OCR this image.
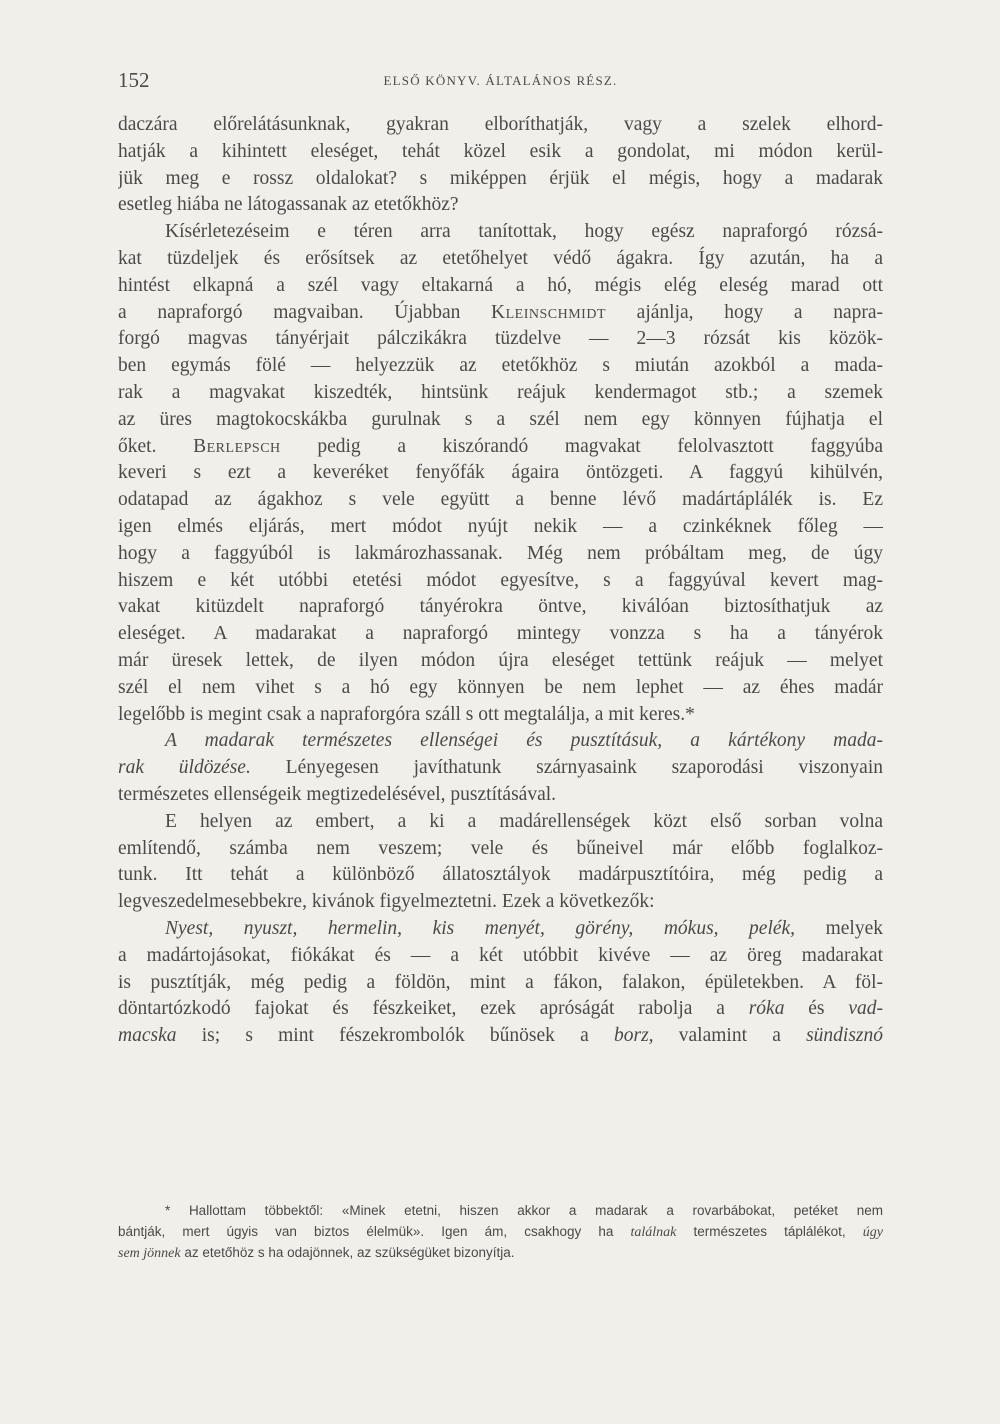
152	ELSŐ KÖNYV. ÁLTALÁNOS RÉSZ.
daczára előrelátásunknak, gyakran elboríthatják, vagy a szelek elhord-
hatják a kihintett eleséget, tehát közel esik a gondolat, mi módon kerül-
jük meg e rossz oldalokat? s miképpen érjük el mégis, hogy a madarak
esetleg hiába ne látogassanak az etetőkhöz?
Kísérletezéseim e téren arra tanítottak, hogy egész napraforgó rózsá-
kat tüzdeljek és erősítsek az etetőhelyet védő ágakra. Így azután, ha a
hintést elkapná a szél vagy eltakarná a hó, mégis elég eleség marad ott
a napraforgó magvaiban. Újabban Kleinschmidt ajánlja, hogy a napra-
forgó magvas tányérjait pálczikákra tüzdelve — 2—3 rózsát kis közök-
ben egymás fölé — helyezzük az etetőkhöz s miután azokból a mada-
rak a magvakat kiszedték, hintsünk reájuk kendermagot stb.; a szemek
az üres magtokocskákba gurulnak s a szél nem egy könnyen fújhatja el
őket. Berlepsch pedig a kiszórandó magvakat felolvasztott faggyúba
keveri s ezt a keveréket fenyőfák ágaira öntözgeti. A faggyú kihülvén,
odatapad az ágakhoz s vele együtt a benne lévő madártáplálék is. Ez
igen elmés eljárás, mert módot nyújt nekik — a czinkéknek főleg —
hogy a faggyúból is lakmározhassanak. Még nem próbáltam meg, de úgy
hiszem e két utóbbi etetési módot egyesítve, s a faggyúval kevert mag-
vakat kitüzdelt napraforgó tányérokra öntve, kiválóan biztosíthatjuk az
eleséget. A madarakat a napraforgó mintegy vonzza s ha a tányérok
már üresek lettek, de ilyen módon újra eleséget tettünk reájuk — melyet
szél el nem vihet s a hó egy könnyen be nem lephet — az éhes madár
legelőbb is megint csak a napraforgóra száll s ott megtalálja, a mit keres.*
A madarak természetes ellenségei és pusztításuk, a kártékony mada-
rak üldözése. Lényegesen javíthatunk szárnyasaink szaporodási viszonyain
természetes ellenségeik megtizedelésével, pusztításával.
E helyen az embert, a ki a madárellenségek közt első sorban volna
említendő, számba nem veszem; vele és bűneivel már előbb foglalkoz-
tunk. Itt tehát a különböző állatosztályok madárpusztítóira, még pedig a
legveszedelmesebbekre, kivánok figyelmeztetni. Ezek a következők:
Nyest, nyuszt, hermelin, kis menyét, görény, mókus, pelék, melyek
a madártojásokat, fiókákat és — a két utóbbit kivéve — az öreg madarakat
is pusztítják, még pedig a földön, mint a fákon, falakon, épületekben. A föl-
döntartózkodó fajokat és fészkeiket, ezek apróságát rabolja a róka és vad-
macska is; s mint fészekrombolók bűnösek a borz, valamint a sündisznó
* Hallottam többektől: «Minek etetni, hiszen akkor a madarak a rovarbábokat, petéket nem
bántják, mert úgyis van biztos élelmük». Igen ám, csakhogy ha találnak természetes táplálékot, úgy
sem jönnek az etetőhöz s ha odajönnek, az szükségüket bizonyítja.
